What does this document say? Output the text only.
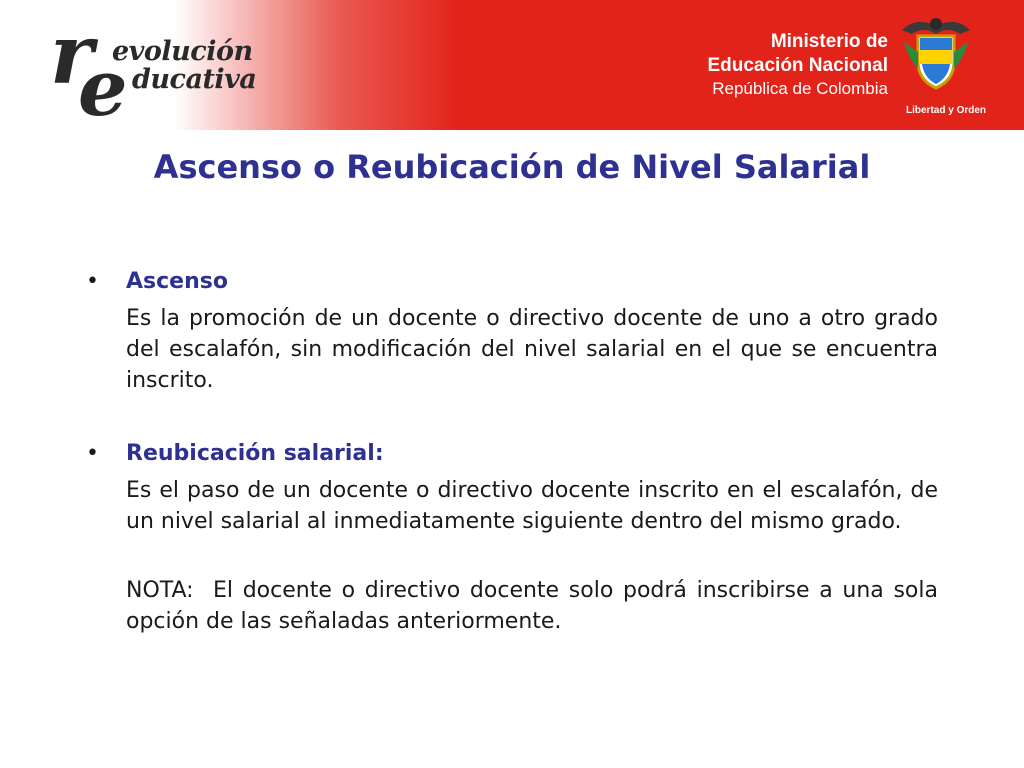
r
e
evolución
ducativa
Ministerio de
Educación Nacional
República de Colombia
Libertad y Orden
Ascenso o Reubicación de Nivel Salarial
• Ascenso
Es la promoción de un docente o directivo docente de uno a otro grado del escalafón, sin modificación del nivel salarial en el que se encuentra inscrito.
• Reubicación salarial:
Es el paso de un docente o directivo docente inscrito en el escalafón, de un nivel salarial al inmediatamente siguiente dentro del mismo grado.
NOTA:  El docente o directivo docente solo podrá inscribirse a una sola opción de las señaladas anteriormente.
